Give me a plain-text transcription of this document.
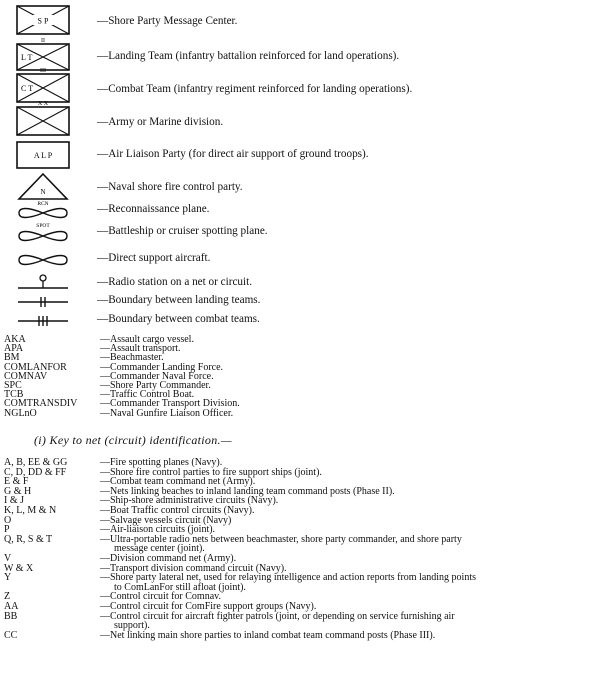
S P	—Shore Party Message Center.
II
L T	—Landing Team (infantry battalion reinforced for land operations).
III
C T	—Combat Team (infantry regiment reinforced for landing operations).
X X
—Army or Marine division.
A L P	—Air Liaison Party (for direct air support of ground troops).
N	—Naval shore fire control party.
RCN	—Reconnaissance plane.
SPOT	—Battleship or cruiser spotting plane.
—Direct support aircraft.
—Radio station on a net or circuit.
—Boundary between landing teams.
—Boundary between combat teams.
AKA	—Assault cargo vessel.
APA	—Assault transport.
BM	—Beachmaster.
COMLANFOR	—Commander Landing Force.
COMNAV	—Commander Naval Force.
SPC	—Shore Party Commander.
TCB	—Traffic Control Boat.
COMTRANSDIV	—Commander Transport Division.
NGLnO	—Naval Gunfire Liaison Officer.
(i) Key to net (circuit) identification.—
A, B, EE & GG	—Fire spotting planes (Navy).
C, D, DD & FF	—Shore fire control parties to fire support ships (joint).
E & F	—Combat team command net (Army).
G & H	—Nets linking beaches to inland landing team command posts (Phase II).
I & J	—Ship-shore administrative circuits (Navy).
K, L, M & N	—Boat Traffic control circuits (Navy).
O	—Salvage vessels circuit (Navy)
P	—Air-liaison circuits (joint).
Q, R, S & T	—Ultra-portable radio nets between beachmaster, shore party commander, and shore party
message center (joint).
V	—Division command net (Army).
W & X	—Transport division command circuit (Navy).
Y	—Shore party lateral net, used for relaying intelligence and action reports from landing points
to ComLanFor still afloat (joint).
Z	—Control circuit for Comnav.
AA	—Control circuit for ComFire support groups (Navy).
BB	—Control circuit for aircraft fighter patrols (joint, or depending on service furnishing air
support).
CC	—Net linking main shore parties to inland combat team command posts (Phase III).
